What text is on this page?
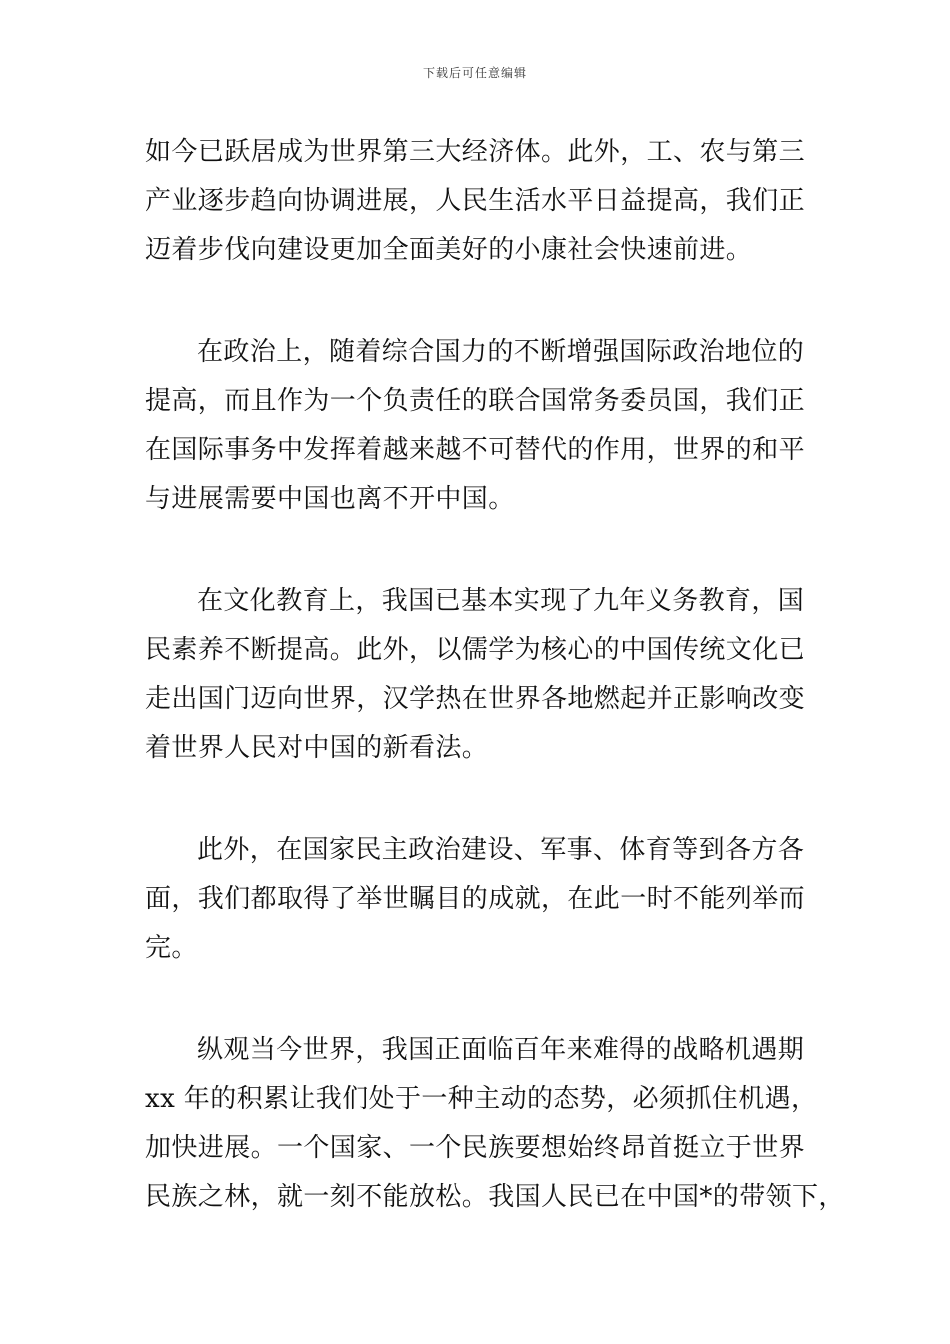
下载后可任意编辑
如今已跃居成为世界第三大经济体。此外，工、农与第三
产业逐步趋向协调进展，人民生活水平日益提高，我们正
迈着步伐向建设更加全面美好的小康社会快速前进。
在政治上，随着综合国力的不断增强国际政治地位的
提高，而且作为一个负责任的联合国常务委员国，我们正
在国际事务中发挥着越来越不可替代的作用，世界的和平
与进展需要中国也离不开中国。
在文化教育上，我国已基本实现了九年义务教育，国
民素养不断提高。此外，以儒学为核心的中国传统文化已
走出国门迈向世界，汉学热在世界各地燃起并正影响改变
着世界人民对中国的新看法。
此外，在国家民主政治建设、军事、体育等到各方各
面，我们都取得了举世瞩目的成就，在此一时不能列举而
完。
纵观当今世界，我国正面临百年来难得的战略机遇期
xx 年的积累让我们处于一种主动的态势，必须抓住机遇，
加快进展。一个国家、一个民族要想始终昂首挺立于世界
民族之林，就一刻不能放松。我国人民已在中国*的带领下，
